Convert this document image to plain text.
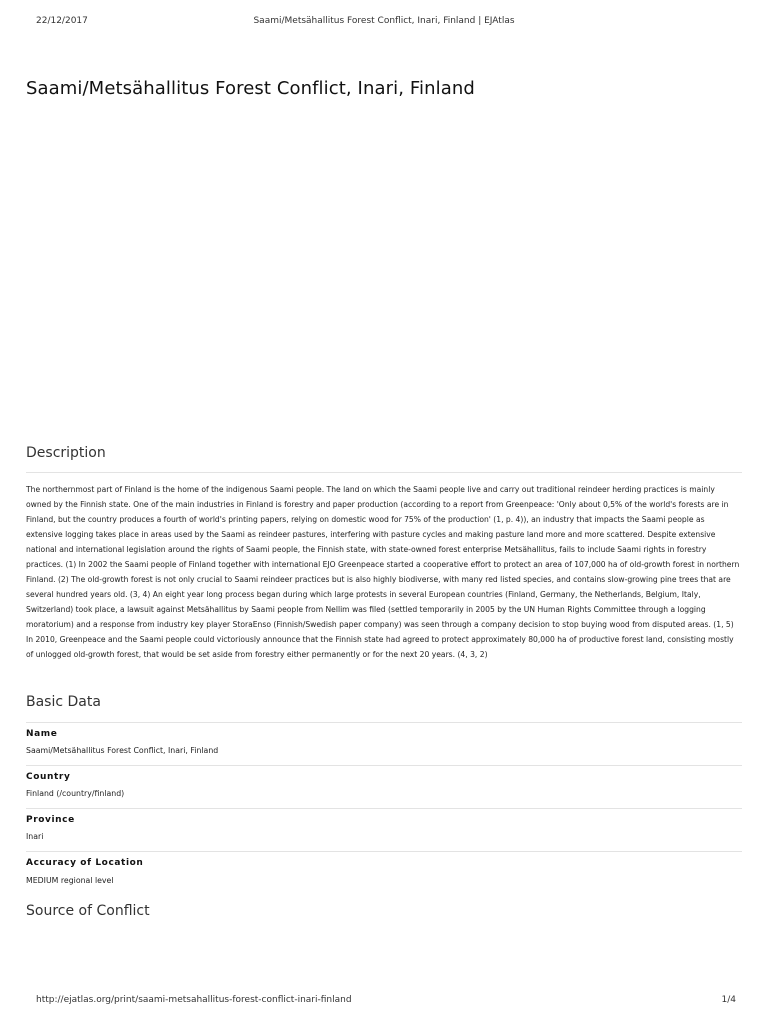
22/12/2017	Saami/Metsähallitus Forest Conflict, Inari, Finland | EJAtlas
Saami/Metsähallitus Forest Conflict, Inari, Finland
Description

The northernmost part of Finland is the home of the indigenous Saami people. The land on which the Saami people live and carry out traditional reindeer herding practices is mainly owned by the Finnish state. One of the main industries in Finland is forestry and paper production (according to a report from Greenpeace: 'Only about 0,5% of the world's forests are in Finland, but the country produces a fourth of world's printing papers, relying on domestic wood for 75% of the production' (1, p. 4)), an industry that impacts the Saami people as extensive logging takes place in areas used by the Saami as reindeer pastures, interfering with pasture cycles and making pasture land more and more scattered. Despite extensive national and international legislation around the rights of Saami people, the Finnish state, with state-owned forest enterprise Metsähallitus, fails to include Saami rights in forestry practices. (1) In 2002 the Saami people of Finland together with international EJO Greenpeace started a cooperative effort to protect an area of 107,000 ha of old-growth forest in northern Finland. (2) The old-growth forest is not only crucial to Saami reindeer practices but is also highly biodiverse, with many red listed species, and contains slow-growing pine trees that are several hundred years old. (3, 4) An eight year long process began during which large protests in several European countries (Finland, Germany, the Netherlands, Belgium, Italy, Switzerland) took place, a lawsuit against Metsähallitus by Saami people from Nellim was filed (settled temporarily in 2005 by the UN Human Rights Committee through a logging moratorium) and a response from industry key player StoraEnso (Finnish/Swedish paper company) was seen through a company decision to stop buying wood from disputed areas. (1, 5) In 2010, Greenpeace and the Saami people could victoriously announce that the Finnish state had agreed to protect approximately 80,000 ha of productive forest land, consisting mostly of unlogged old-growth forest, that would be set aside from forestry either permanently or for the next 20 years. (4, 3, 2)

Basic Data
Name
Saami/Metsähallitus Forest Conflict, Inari, Finland
Country
Finland (/country/finland)
Province
Inari
Accuracy of Location
MEDIUM regional level
Source of Conflict
http://ejatlas.org/print/saami-metsahallitus-forest-conflict-inari-finland	1/4
